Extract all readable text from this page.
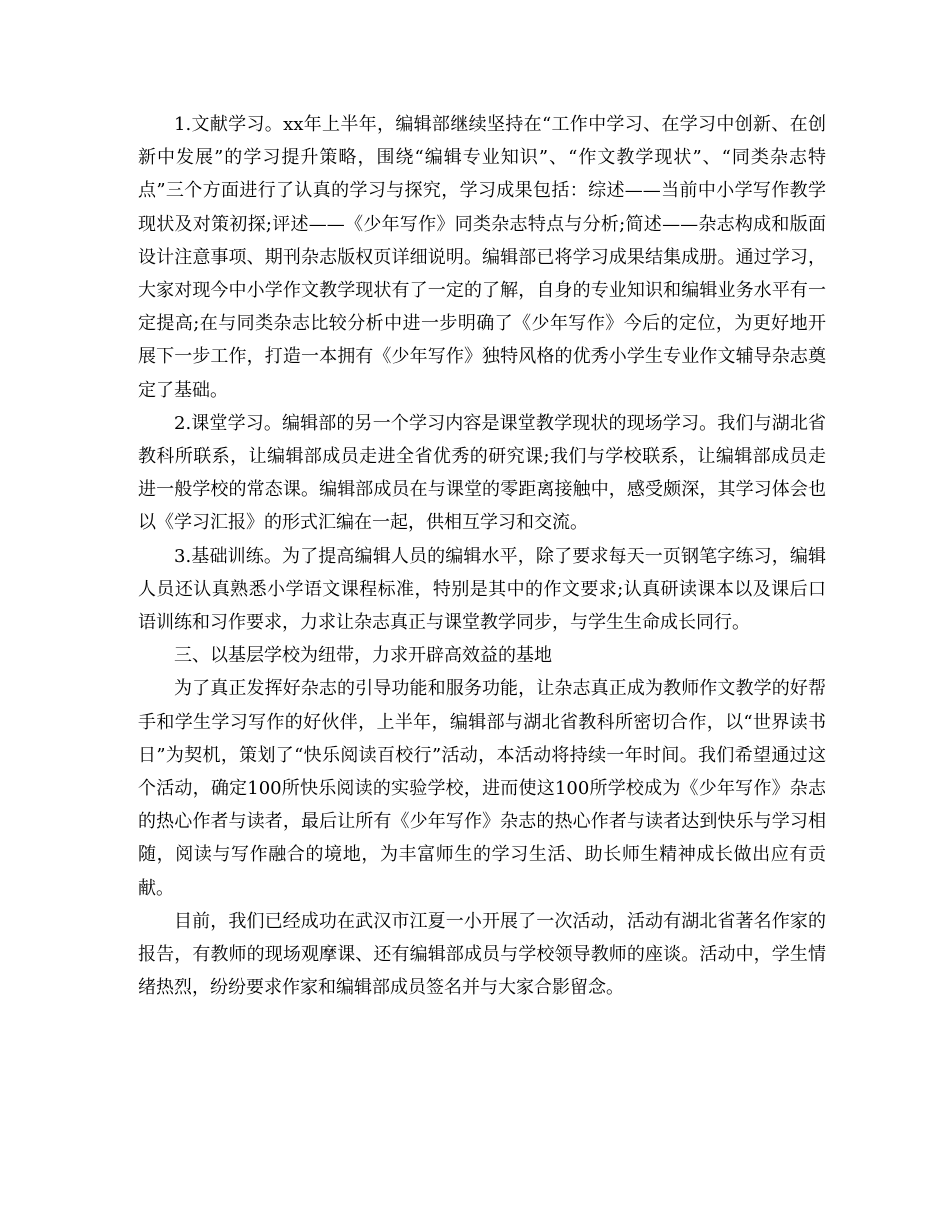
1.文献学习。xx年上半年，编辑部继续坚持在“工作中学习、在学习中创新、在创新中发展”的学习提升策略，围绕“编辑专业知识”、“作文教学现状”、“同类杂志特点”三个方面进行了认真的学习与探究，学习成果包括：综述——当前中小学写作教学现状及对策初探;评述——《少年写作》同类杂志特点与分析;简述——杂志构成和版面设计注意事项、期刊杂志版权页详细说明。编辑部已将学习成果结集成册。通过学习，大家对现今中小学作文教学现状有了一定的了解，自身的专业知识和编辑业务水平有一定提高;在与同类杂志比较分析中进一步明确了《少年写作》今后的定位，为更好地开展下一步工作，打造一本拥有《少年写作》独特风格的优秀小学生专业作文辅导杂志奠定了基础。

2.课堂学习。编辑部的另一个学习内容是课堂教学现状的现场学习。我们与湖北省教科所联系，让编辑部成员走进全省优秀的研究课;我们与学校联系，让编辑部成员走进一般学校的常态课。编辑部成员在与课堂的零距离接触中，感受颇深，其学习体会也以《学习汇报》的形式汇编在一起，供相互学习和交流。

3.基础训练。为了提高编辑人员的编辑水平，除了要求每天一页钢笔字练习，编辑人员还认真熟悉小学语文课程标准，特别是其中的作文要求;认真研读课本以及课后口语训练和习作要求，力求让杂志真正与课堂教学同步，与学生生命成长同行。

三、以基层学校为纽带，力求开辟高效益的基地

为了真正发挥好杂志的引导功能和服务功能，让杂志真正成为教师作文教学的好帮手和学生学习写作的好伙伴，上半年，编辑部与湖北省教科所密切合作，以“世界读书日”为契机，策划了“快乐阅读百校行”活动，本活动将持续一年时间。我们希望通过这个活动，确定100所快乐阅读的实验学校，进而使这100所学校成为《少年写作》杂志的热心作者与读者，最后让所有《少年写作》杂志的热心作者与读者达到快乐与学习相随，阅读与写作融合的境地，为丰富师生的学习生活、助长师生精神成长做出应有贡献。

目前，我们已经成功在武汉市江夏一小开展了一次活动，活动有湖北省著名作家的报告，有教师的现场观摩课、还有编辑部成员与学校领导教师的座谈。活动中，学生情绪热烈，纷纷要求作家和编辑部成员签名并与大家合影留念。
